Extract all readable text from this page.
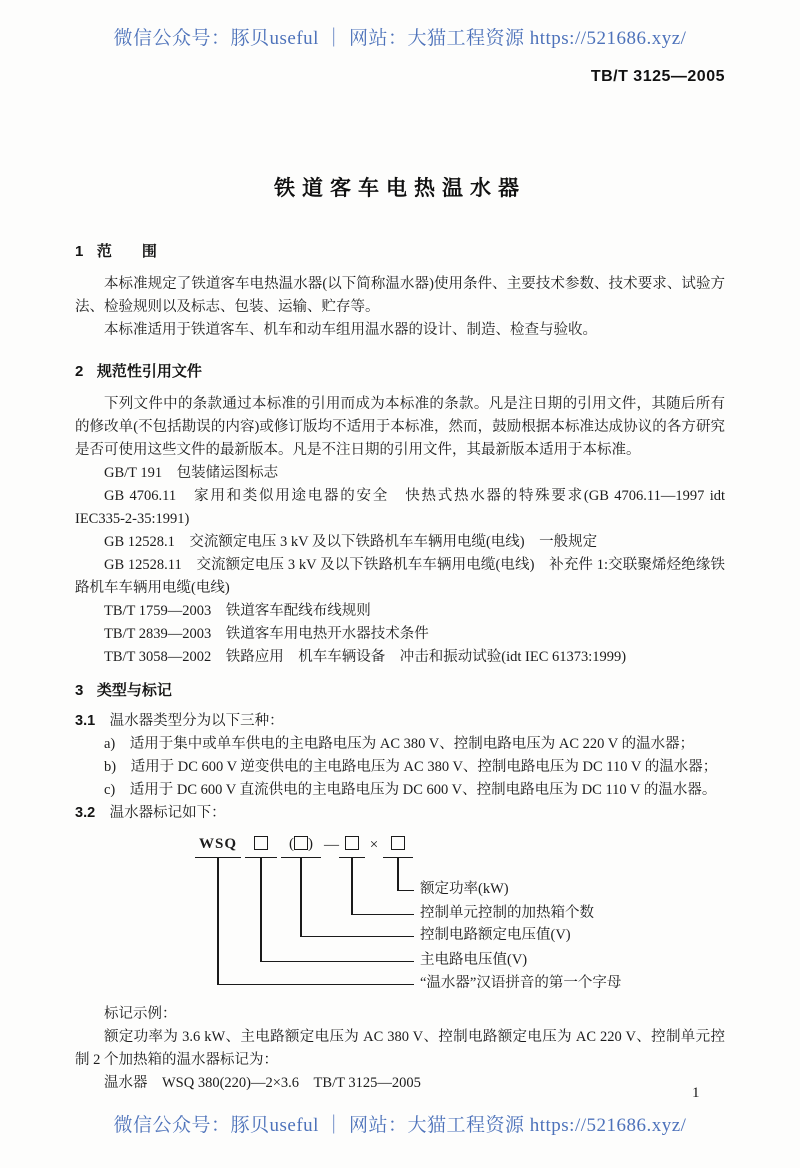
微信公众号：豚贝useful ｜ 网站：大猫工程资源 https://521686.xyz/

TB/T 3125—2005

铁道客车电热温水器
1 范　　围

本标准规定了铁道客车电热温水器(以下简称温水器)使用条件、主要技术参数、技术要求、试验方法、检验规则以及标志、包装、运输、贮存等。

本标准适用于铁道客车、机车和动车组用温水器的设计、制造、检查与验收。

2 规范性引用文件

下列文件中的条款通过本标准的引用而成为本标准的条款。凡是注日期的引用文件，其随后所有的修改单(不包括勘误的内容)或修订版均不适用于本标准，然而，鼓励根据本标准达成协议的各方研究是否可使用这些文件的最新版本。凡是不注日期的引用文件，其最新版本适用于本标准。

GB/T 191　包装储运图标志

GB 4706.11　家用和类似用途电器的安全　快热式热水器的特殊要求(GB 4706.11—1997 idt IEC335-2-35:1991)

GB 12528.1　交流额定电压 3 kV 及以下铁路机车车辆用电缆(电线)　一般规定

GB 12528.11　交流额定电压 3 kV 及以下铁路机车车辆用电缆(电线)　补充件 1:交联聚烯烃绝缘铁路机车车辆用电缆(电线)

TB/T 1759—2003　铁道客车配线布线规则

TB/T 2839—2003　铁道客车用电热开水器技术条件

TB/T 3058—2002　铁路应用　机车车辆设备　冲击和振动试验(idt IEC 61373:1999)

3 类型与标记

3.1 温水器类型分为以下三种：

a) 适用于集中或单车供电的主电路电压为 AC 380 V、控制电路电压为 AC 220 V 的温水器；

b) 适用于 DC 600 V 逆变供电的主电路电压为 AC 380 V、控制电路电压为 DC 110 V 的温水器；

c) 适用于 DC 600 V 直流供电的主电路电压为 DC 600 V、控制电路电压为 DC 110 V 的温水器。

3.2 温水器标记如下：

WSQ	( ) — ×
额定功率(kW)
控制单元控制的加热箱个数
控制电路额定电压值(V)
主电路电压值(V)
“温水器”汉语拼音的第一个字母

标记示例：

额定功率为 3.6 kW、主电路额定电压为 AC 380 V、控制电路额定电压为 AC 220 V、控制单元控制 2 个加热箱的温水器标记为：

温水器　WSQ 380(220)—2×3.6　TB/T 3125—2005

1
微信公众号：豚贝useful ｜ 网站：大猫工程资源 https://521686.xyz/
